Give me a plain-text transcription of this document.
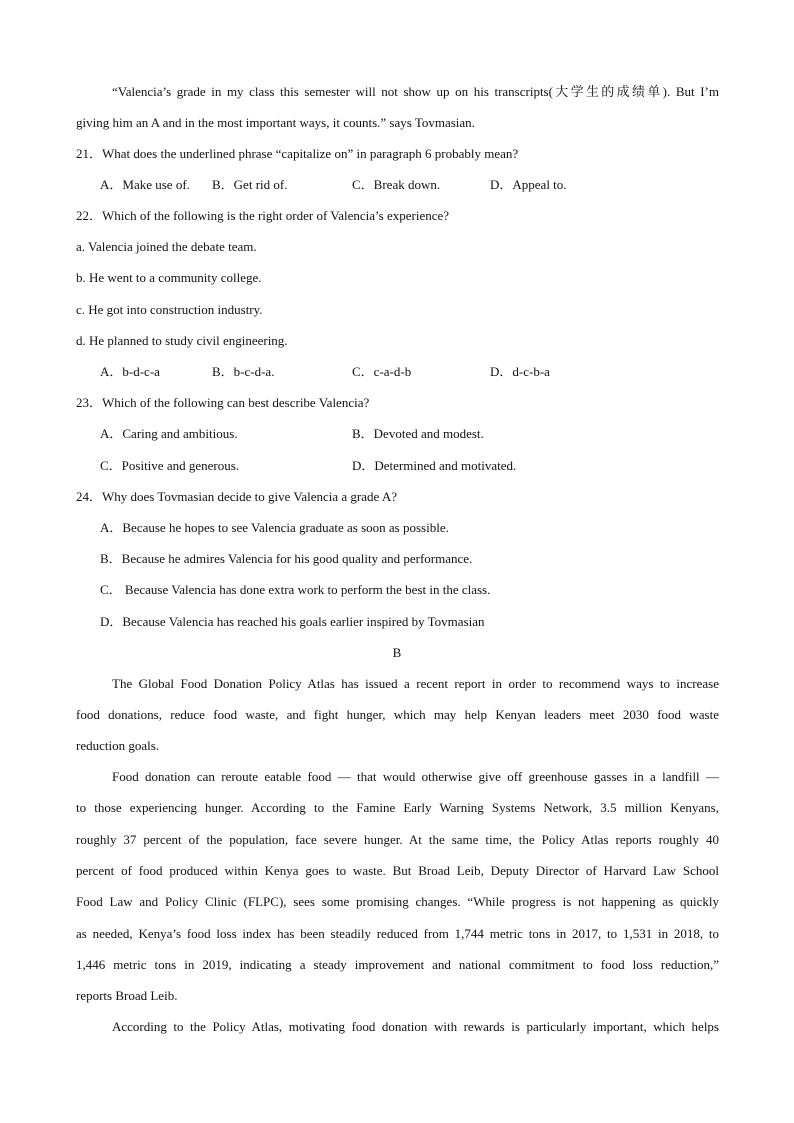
“Valencia’s grade in my class this semester will not show up on his transcripts(大学生的成绩单). But I’m
giving him an A and in the most important ways, it counts.” says Tovmasian.
21．What does the underlined phrase “capitalize on” in paragraph 6 probably mean?
A．Make use of. B．Get rid of.	C．Break down.	D．Appeal to.
22．Which of the following is the right order of Valencia’s experience?
a. Valencia joined the debate team.
b. He went to a community college.
c. He got into construction industry.
d. He planned to study civil engineering.
A．b-d-c-a	B．b-c-d-a.	C．c-a-d-b	D．d-c-b-a
23．Which of the following can best describe Valencia?
A．Caring and ambitious.	B．Devoted and modest.
C．Positive and generous.	D．Determined and motivated.
24．Why does Tovmasian decide to give Valencia a grade A?
A．Because he hopes to see Valencia graduate as soon as possible.
B．Because he admires Valencia for his good quality and performance.
C． Because Valencia has done extra work to perform the best in the class.
D．Because Valencia has reached his goals earlier inspired by Tovmasian
B
The Global Food Donation Policy Atlas has issued a recent report in order to recommend ways to increase
food donations, reduce food waste, and fight hunger, which may help Kenyan leaders meet 2030 food waste
reduction goals.
Food donation can reroute eatable food — that would otherwise give off greenhouse gasses in a landfill —
to those experiencing hunger. According to the Famine Early Warning Systems Network, 3.5 million Kenyans,
roughly 37 percent of the population, face severe hunger. At the same time, the Policy Atlas reports roughly 40
percent of food produced within Kenya goes to waste. But Broad Leib, Deputy Director of Harvard Law School
Food Law and Policy Clinic (FLPC), sees some promising changes. “While progress is not happening as quickly
as needed, Kenya’s food loss index has been steadily reduced from 1,744 metric tons in 2017, to 1,531 in 2018, to
1,446 metric tons in 2019, indicating a steady improvement and national commitment to food loss reduction,”
reports Broad Leib.
According to the Policy Atlas, motivating food donation with rewards is particularly important, which helps
